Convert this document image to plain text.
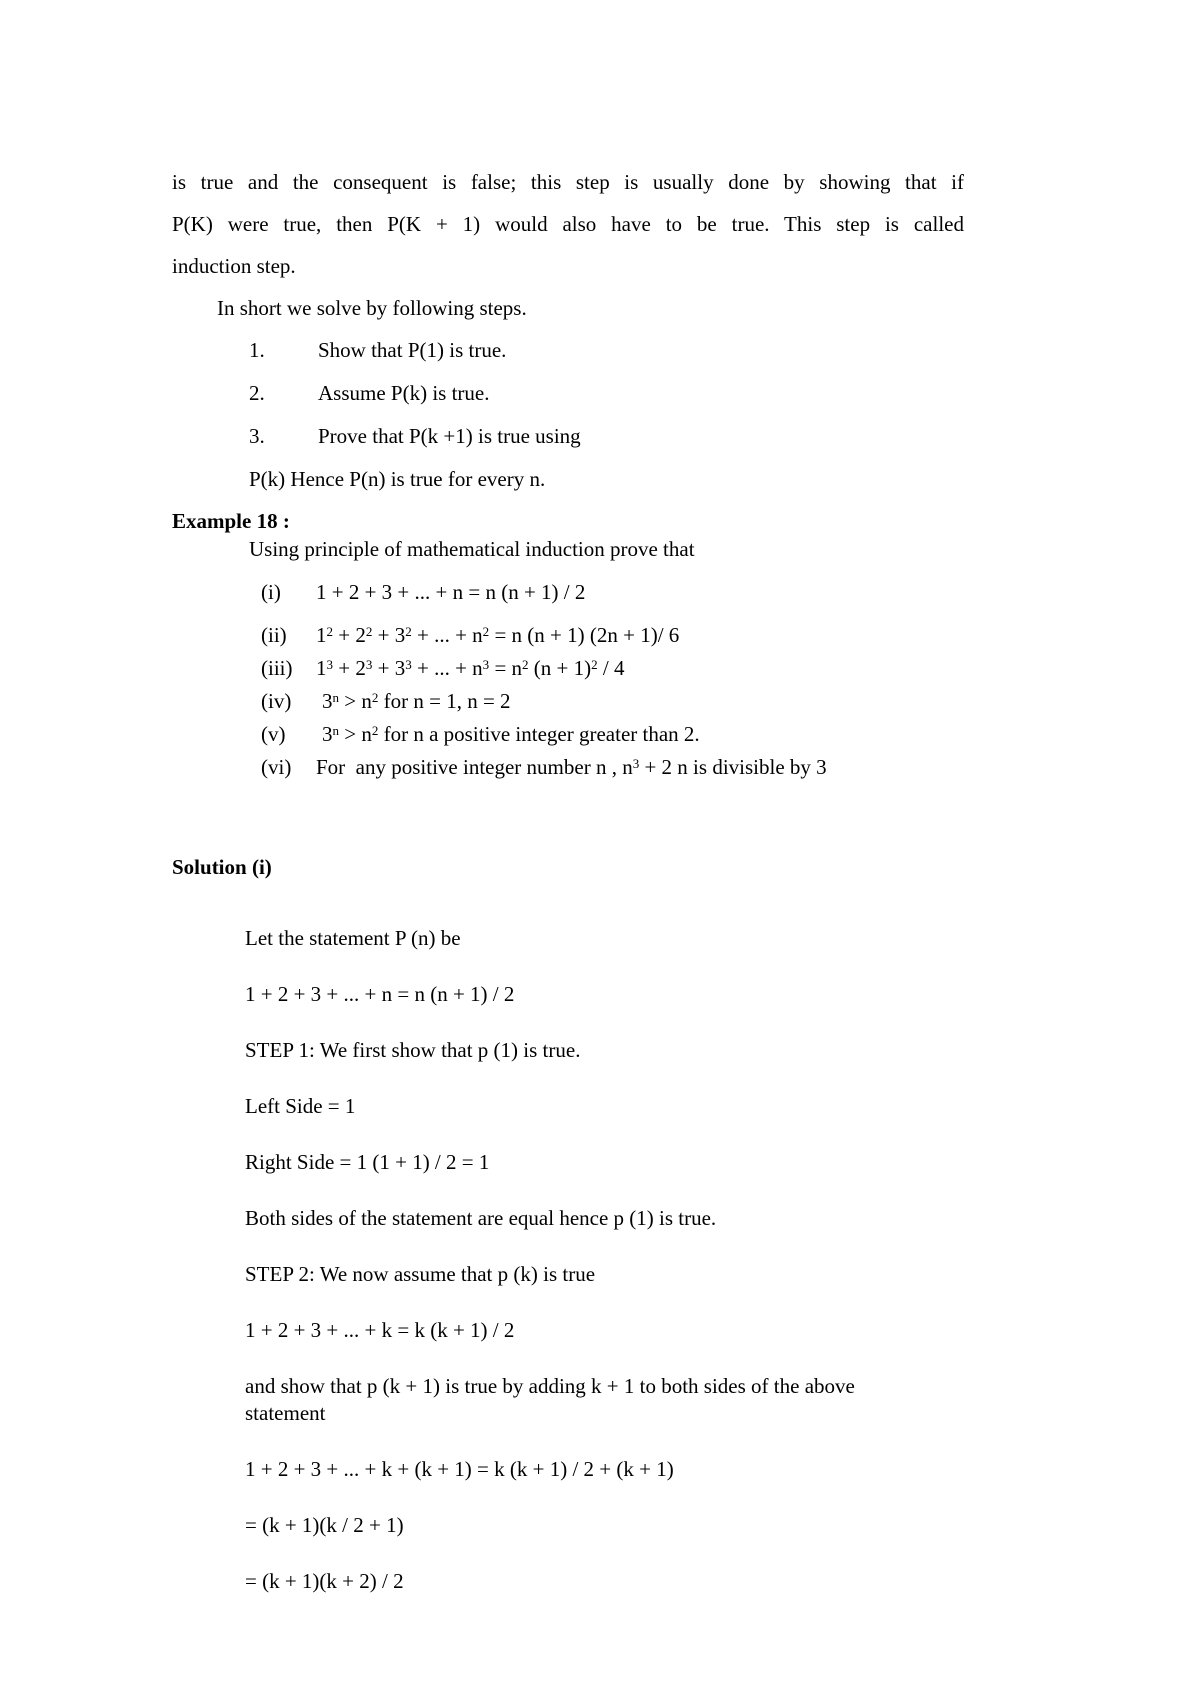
is true and the consequent is false; this step is usually done by showing that if
P(K) were true, then P(K + 1) would also have to be true. This step is called
induction step.
In short we solve by following steps.
1.	Show that P(1) is true.
2.	Assume P(k) is true.
3.	Prove that P(k +1) is true using
P(k) Hence P(n) is true for every n.
Example 18 :
Using principle of mathematical induction prove that
(i) 1 + 2 + 3 + ... + n = n (n + 1) / 2
(ii) $1^2 + 2^2 + 3^2$ + ... + $n^2 = n$ (n + 1) (2n + 1)/ 6
(iii) $1^3 + 2^3 + 3^3$ + ... + $n^3 = n^2$ $(n + 1)^2 / 4$
(iv) $3^n > n^2$ for n = 1, n = 2
(v) $3^n > n^2$ for n a positive integer greater than 2.
(vi) For  any positive integer number n , $n^3 + 2$ n is divisible by 3
Solution (i)
Let the statement P (n) be
1 + 2 + 3 + ... + n = n (n + 1) / 2
STEP 1: We first show that p (1) is true.
Left Side = 1
Right Side = 1 (1 + 1) / 2 = 1
Both sides of the statement are equal hence p (1) is true.
STEP 2: We now assume that p (k) is true
1 + 2 + 3 + ... + k = k (k + 1) / 2
and show that p (k + 1) is true by adding k + 1 to both sides of the above
statement
1 + 2 + 3 + ... + k + (k + 1) = k (k + 1) / 2 + (k + 1)
= (k + 1)(k / 2 + 1)
= (k + 1)(k + 2) / 2
